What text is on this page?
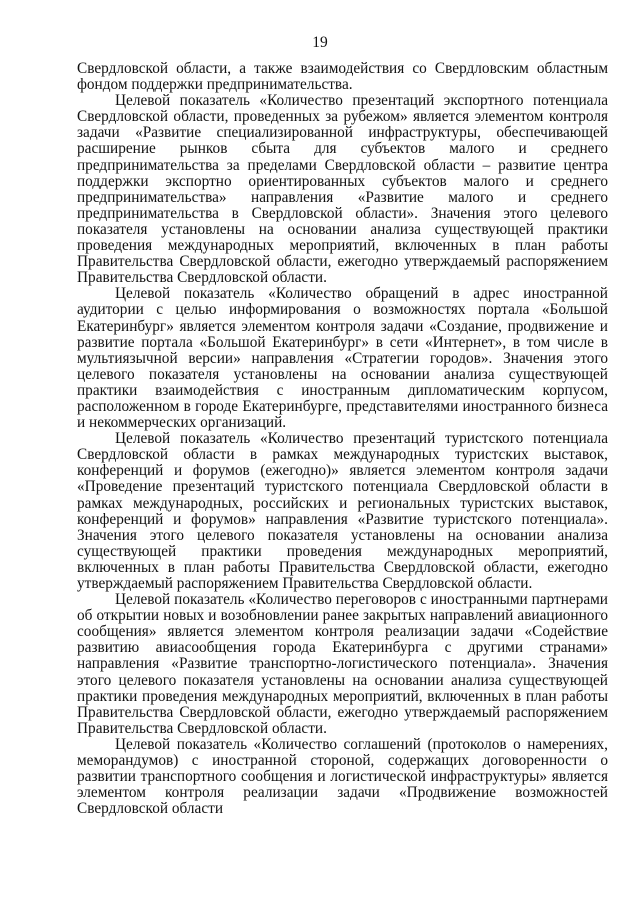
19

Свердловской области, а также взаимодействия со Свердловским областным фондом поддержки предпринимательства.

Целевой показатель «Количество презентаций экспортного потенциала Свердловской области, проведенных за рубежом» является элементом контроля задачи «Развитие специализированной инфраструктуры, обеспечивающей расширение рынков сбыта для субъектов малого и среднего предпринимательства за пределами Свердловской области – развитие центра поддержки экспортно ориентированных субъектов малого и среднего предпринимательства» направления «Развитие малого и среднего предпринимательства в Свердловской области». Значения этого целевого показателя установлены на основании анализа существующей практики проведения международных мероприятий, включенных в план работы Правительства Свердловской области, ежегодно утверждаемый распоряжением Правительства Свердловской области.

Целевой показатель «Количество обращений в адрес иностранной аудитории с целью информирования о возможностях портала «Большой Екатеринбург» является элементом контроля задачи «Создание, продвижение и развитие портала «Большой Екатеринбург» в сети «Интернет», в том числе в мультиязычной версии» направления «Стратегии городов». Значения этого целевого показателя установлены на основании анализа существующей практики взаимодействия с иностранным дипломатическим корпусом, расположенном в городе Екатеринбурге, представителями иностранного бизнеса и некоммерческих организаций.

Целевой показатель «Количество презентаций туристского потенциала Свердловской области в рамках международных туристских выставок, конференций и форумов (ежегодно)» является элементом контроля задачи «Проведение презентаций туристского потенциала Свердловской области в рамках международных, российских и региональных туристских выставок, конференций и форумов» направления «Развитие туристского потенциала». Значения этого целевого показателя установлены на основании анализа существующей практики проведения международных мероприятий, включенных в план работы Правительства Свердловской области, ежегодно утверждаемый распоряжением Правительства Свердловской области.

Целевой показатель «Количество переговоров с иностранными партнерами об открытии новых и возобновлении ранее закрытых направлений авиационного сообщения» является элементом контроля реализации задачи «Содействие развитию авиасообщения города Екатеринбурга с другими странами» направления «Развитие транспортно-логистического потенциала». Значения этого целевого показателя установлены на основании анализа существующей практики проведения международных мероприятий, включенных в план работы Правительства Свердловской области, ежегодно утверждаемый распоряжением Правительства Свердловской области.

Целевой показатель «Количество соглашений (протоколов о намерениях, меморандумов) с иностранной стороной, содержащих договоренности о развитии транспортного сообщения и логистической инфраструктуры» является элементом контроля реализации задачи «Продвижение возможностей Свердловской области
